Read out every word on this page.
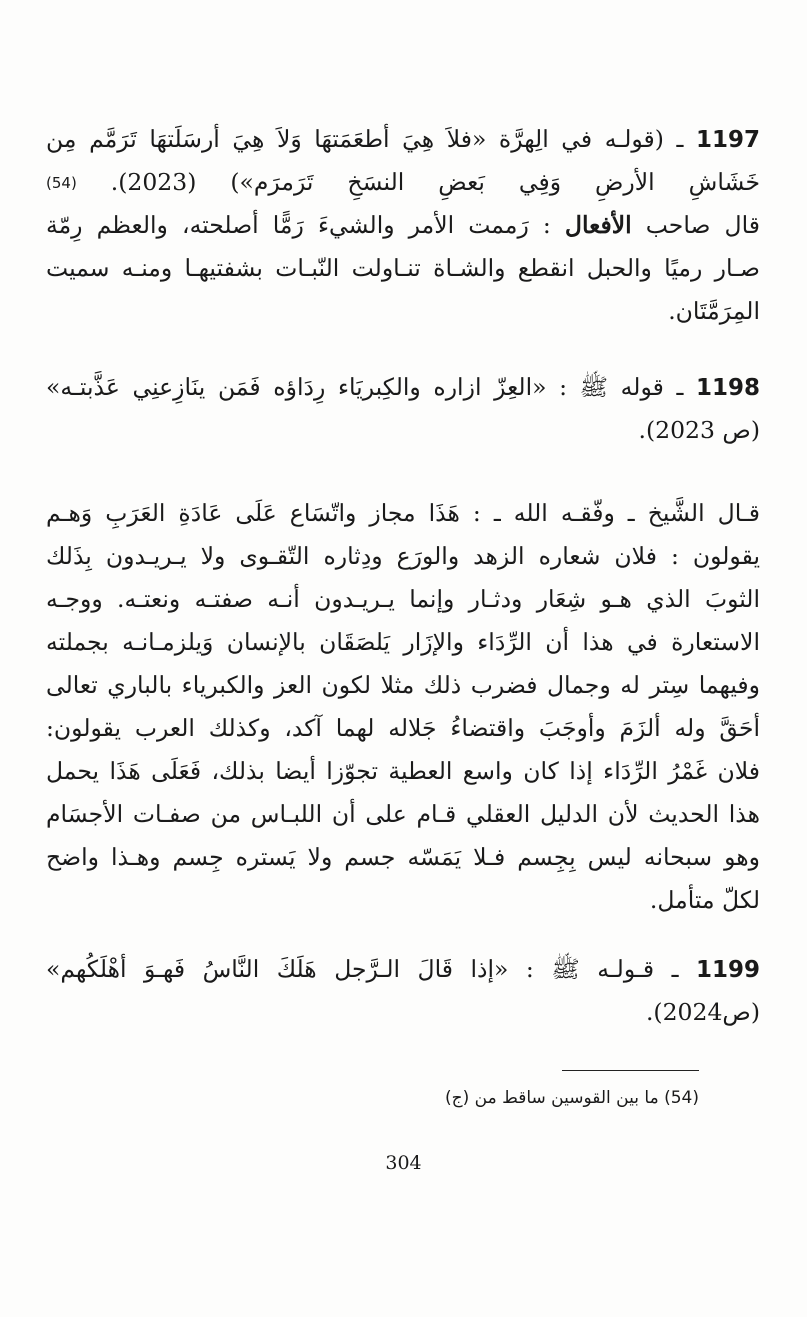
1197 ـ (قولـه في الِهرَّة «فلاَ هِيَ أطعَمَتهَا وَلاَ هِيَ أرسَلَتهَا تَرَمَّم مِن
خَشَاشِ الأرضِ وَفِي بَعضِ النسَخِ تَرَمرَم») (2023). (54)
قال صاحب الأفعال : رَممت الأمر والشيءَ رَمًّا أصلحته، والعظم رِمّة
صـار رميًا والحبل انقطع والشـاة تنـاولت النّبـات بشفتيهـا ومنـه سميت
المِرَمَّتَان.
1198 ـ قوله ﷺ : «العِزّ ازاره والكِبريَاء رِدَاؤه فَمَن ينَازِعنِي عَذَّبتـه»
(ص 2023).
قـال الشَّيخ ـ وفّقـه الله ـ : هَذَا مجاز واتّسَاع عَلَى عَادَةِ العَرَبِ وَهـم
يقولون : فلان شعاره الزهد والورَع ودِثاره التّقـوى ولا يـريـدون بِذَلك
الثوبَ الذي هـو شِعَار ودثـار وإنما يـريـدون أنـه صفتـه ونعتـه. ووجـه
الاستعارة في هذا أن الرِّدَاء والإزَار يَلصَقَان بالإنسان وَيلزمـانـه بجملته
وفيهما سِتر له وجمال فضرب ذلك مثلا لكون العز والكبرياء بالباري تعالى
أحَقَّ وله ألزَمَ وأوجَبَ واقتضاءُ جَلاله لهما آكد، وكذلك العرب يقولون:
فلان غَمْرُ الرِّدَاء إذا كان واسع العطية تجوّزا أيضا بذلك، فَعَلَى هَذَا يحمل
هذا الحديث لأن الدليل العقلي قـام على أن اللبـاس من صفـات الأجسَام
وهو سبحانه ليس بِجِسم فـلا يَمَسّه جسم ولا يَستره جِسم وهـذا واضح
لكلّ متأمل.
1199 ـ قـولـه ﷺ : «إذا قَالَ الـرَّجل هَلَكَ النَّاسُ فَهـوَ أهْلَكُهم»
(ص2024).
(54) ما بين القوسين ساقط من (ج)
304
